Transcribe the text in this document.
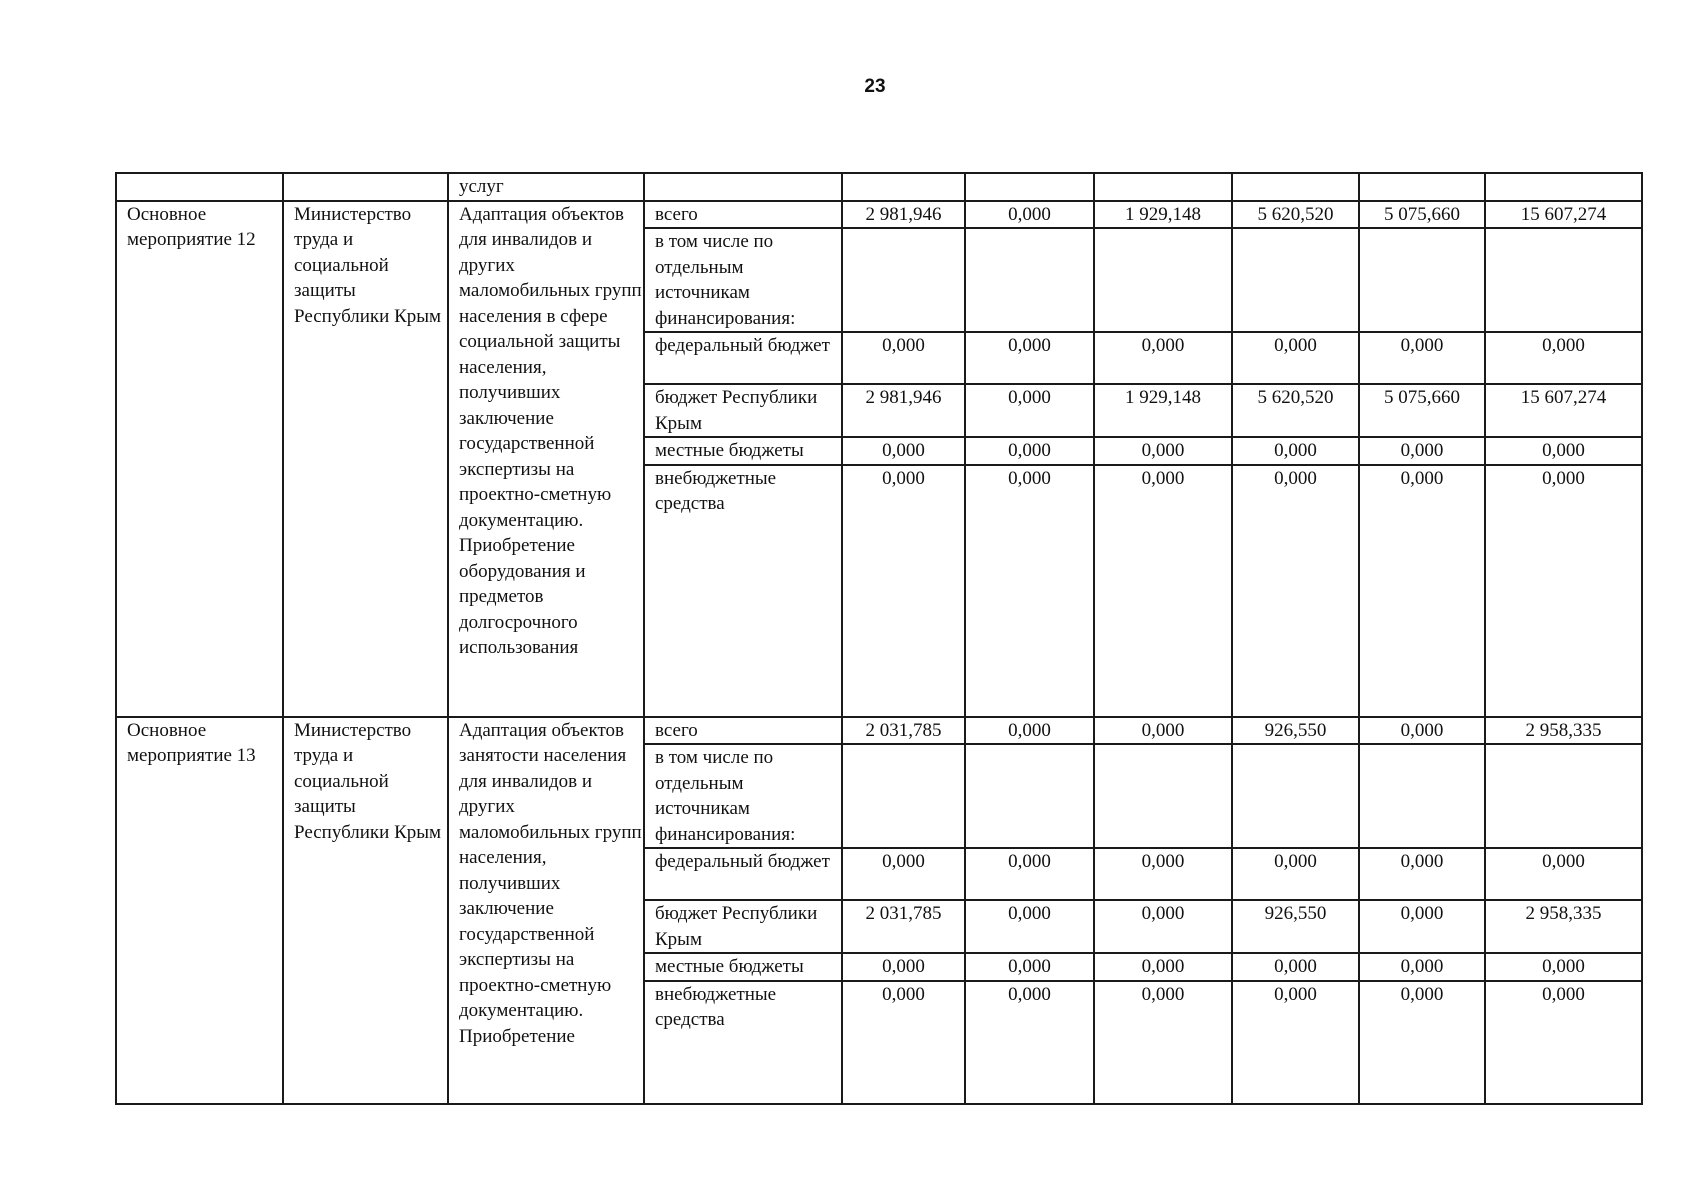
23
		услуг							
Основное мероприятие 12	Министерство труда и социальной защиты Республики Крым	Адаптация объектов для инвалидов и других маломобильных групп населения в сфере социальной защиты населения, получивших заключение государственной экспертизы на проектно-сметную документацию. Приобретение оборудования и предметов долгосрочного использования	всего	2 981,946	0,000	1 929,148	5 620,520	5 075,660	15 607,274
			в том числе по отдельным источникам финансирования:						
			федеральный бюджет	0,000	0,000	0,000	0,000	0,000	0,000
			бюджет Республики Крым	2 981,946	0,000	1 929,148	5 620,520	5 075,660	15 607,274
			местные бюджеты	0,000	0,000	0,000	0,000	0,000	0,000
			внебюджетные средства	0,000	0,000	0,000	0,000	0,000	0,000

Основное мероприятие 13	Министерство труда и социальной защиты Республики Крым	Адаптация объектов занятости населения для инвалидов и других маломобильных групп населения, получивших заключение государственной экспертизы на проектно-сметную документацию. Приобретение	всего	2 031,785	0,000	0,000	926,550	0,000	2 958,335
			в том числе по отдельным источникам финансирования:						
			федеральный бюджет	0,000	0,000	0,000	0,000	0,000	0,000
			бюджет Республики Крым	2 031,785	0,000	0,000	926,550	0,000	2 958,335
			местные бюджеты	0,000	0,000	0,000	0,000	0,000	0,000
			внебюджетные средства	0,000	0,000	0,000	0,000	0,000	0,000
